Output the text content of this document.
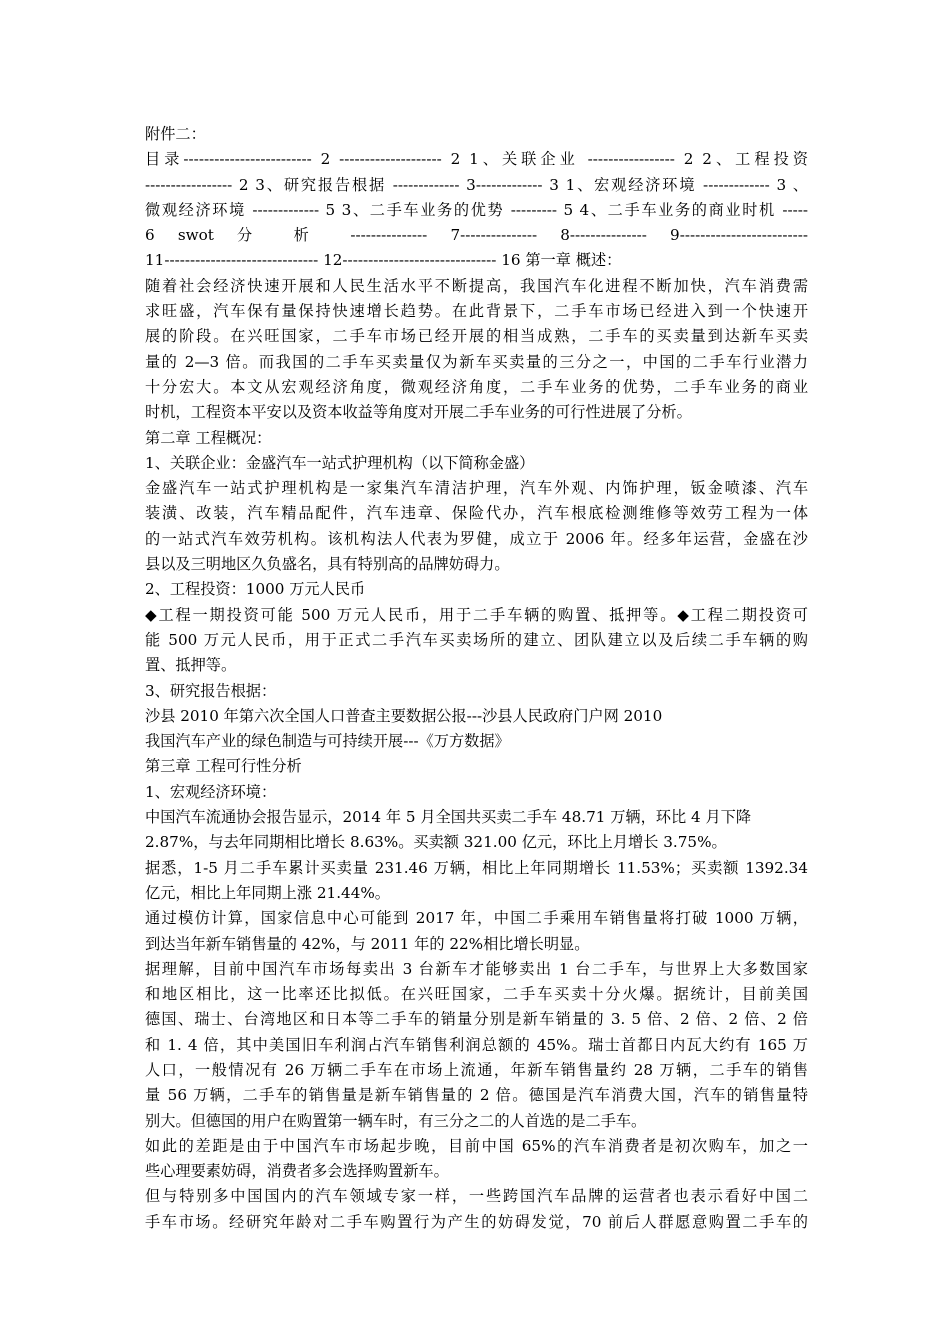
附件二：
目录------------------------- 2 -------------------- 2 1、关联企业 ----------------- 2 2、工程投资
----------------- 2 3、研究报告根据 ------------- 3------------- 3 1、宏观经济环境 ------------- 3 、
微观经济环境 ------------- 5 3、二手车业务的优势 --------- 5 4、二手车业务的商业时机 -----
6 swot 分 析 --------------- 7--------------- 8--------------- 9-------------------------
11------------------------------ 12------------------------------ 16 第一章 概述：
随着社会经济快速开展和人民生活水平不断提高，我国汽车化进程不断加快，汽车消费需
求旺盛，汽车保有量保持快速增长趋势。在此背景下，二手车市场已经进入到一个快速开
展的阶段。在兴旺国家，二手车市场已经开展的相当成熟，二手车的买卖量到达新车买卖
量的 2—3 倍。而我国的二手车买卖量仅为新车买卖量的三分之一，中国的二手车行业潜力
十分宏大。本文从宏观经济角度，微观经济角度，二手车业务的优势，二手车业务的商业
时机，工程资本平安以及资本收益等角度对开展二手车业务的可行性进展了分析。
第二章 工程概况：
1、关联企业：金盛汽车一站式护理机构（以下简称金盛）
金盛汽车一站式护理机构是一家集汽车清洁护理，汽车外观、内饰护理，钣金喷漆、汽车
装潢、改装，汽车精品配件，汽车违章、保险代办，汽车根底检测维修等效劳工程为一体
的一站式汽车效劳机构。该机构法人代表为罗健，成立于 2006 年。经多年运营，金盛在沙
县以及三明地区久负盛名，具有特别高的品牌妨碍力。
2、工程投资：1000 万元人民币
◆工程一期投资可能 500 万元人民币，用于二手车辆的购置、抵押等。◆工程二期投资可
能 500 万元人民币，用于正式二手汽车买卖场所的建立、团队建立以及后续二手车辆的购
置、抵押等。
3、研究报告根据：
沙县 2010 年第六次全国人口普查主要数据公报---沙县人民政府门户网 2010
我国汽车产业的绿色制造与可持续开展---《万方数据》
第三章 工程可行性分析
1、宏观经济环境：
中国汽车流通协会报告显示，2014 年 5 月全国共买卖二手车 48.71 万辆，环比 4 月下降
2.87%，与去年同期相比增长 8.63%。买卖额 321.00 亿元，环比上月增长 3.75%。
据悉，1-5 月二手车累计买卖量 231.46 万辆，相比上年同期增长 11.53%；买卖额 1392.34
亿元，相比上年同期上涨 21.44%。
通过模仿计算，国家信息中心可能到 2017 年，中国二手乘用车销售量将打破 1000 万辆，
到达当年新车销售量的 42%，与 2011 年的 22%相比增长明显。
据理解，目前中国汽车市场每卖出 3 台新车才能够卖出 1 台二手车，与世界上大多数国家
和地区相比，这一比率还比拟低。在兴旺国家，二手车买卖十分火爆。据统计，目前美国
德国、瑞士、台湾地区和日本等二手车的销量分别是新车销量的 3. 5 倍、2 倍、2 倍、2 倍
和 1. 4 倍，其中美国旧车利润占汽车销售利润总额的 45%。瑞士首都日内瓦大约有 165 万
人口，一般情况有 26 万辆二手车在市场上流通，年新车销售量约 28 万辆，二手车的销售
量 56 万辆，二手车的销售量是新车销售量的 2 倍。德国是汽车消费大国，汽车的销售量特
别大。但德国的用户在购置第一辆车时，有三分之二的人首选的是二手车。
如此的差距是由于中国汽车市场起步晚，目前中国 65%的汽车消费者是初次购车，加之一
些心理要素妨碍，消费者多会选择购置新车。
但与特别多中国国内的汽车领域专家一样，一些跨国汽车品牌的运营者也表示看好中国二
手车市场。经研究年龄对二手车购置行为产生的妨碍发觉，70 前后人群愿意购置二手车的
